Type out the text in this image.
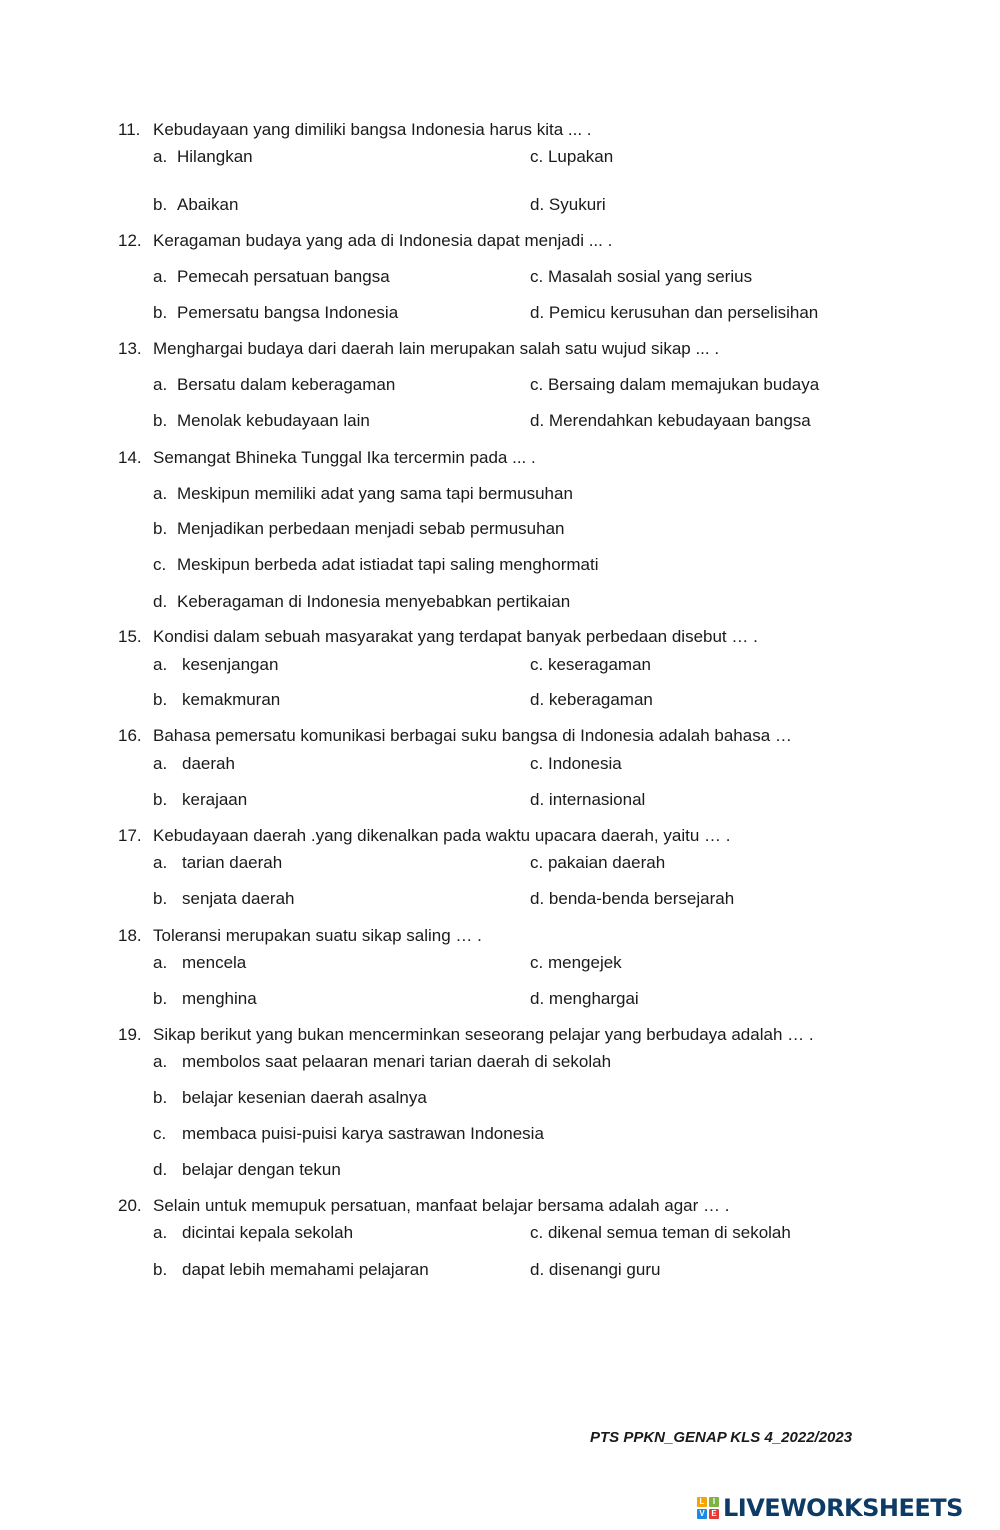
11. Kebudayaan yang dimiliki bangsa Indonesia harus kita ... .
a. Hilangkan	c. Lupakan
b. Abaikan	d. Syukuri
12. Keragaman budaya yang ada di Indonesia dapat menjadi ... .
a. Pemecah persatuan bangsa	c. Masalah sosial yang serius
b. Pemersatu bangsa Indonesia	d. Pemicu kerusuhan dan perselisihan
13. Menghargai budaya dari daerah lain merupakan salah satu wujud sikap ... .
a. Bersatu dalam keberagaman	c. Bersaing dalam memajukan budaya
b. Menolak kebudayaan lain	d. Merendahkan kebudayaan bangsa
14. Semangat Bhineka Tunggal Ika tercermin pada ... .
a. Meskipun memiliki adat yang sama tapi bermusuhan
b. Menjadikan perbedaan menjadi sebab permusuhan
c. Meskipun berbeda adat istiadat tapi saling menghormati
d. Keberagaman di Indonesia menyebabkan pertikaian
15. Kondisi dalam sebuah masyarakat yang terdapat banyak perbedaan disebut … .
a. kesenjangan	c. keseragaman
b. kemakmuran	d. keberagaman
16. Bahasa pemersatu komunikasi berbagai suku bangsa di Indonesia adalah bahasa …
a. daerah	c. Indonesia
b. kerajaan	d. internasional
17. Kebudayaan daerah .yang dikenalkan pada waktu upacara daerah, yaitu … .
a. tarian daerah	c. pakaian daerah
b. senjata daerah	d. benda-benda bersejarah
18. Toleransi merupakan suatu sikap saling … .
a. mencela	c. mengejek
b. menghina	d. menghargai
19. Sikap berikut yang bukan mencerminkan seseorang pelajar yang berbudaya adalah … .
a. membolos saat pelaaran menari tarian daerah di sekolah
b. belajar kesenian daerah asalnya
c. membaca puisi-puisi karya sastrawan Indonesia
d. belajar dengan tekun
20. Selain untuk memupuk persatuan, manfaat belajar bersama adalah agar … .
a. dicintai kepala sekolah	c. dikenal semua teman di sekolah
b. dapat lebih memahami pelajaran	d. disenangi guru
PTS PPKN_GENAP KLS 4_2022/2023
L	I
V E LIVEWORKSHEETS
